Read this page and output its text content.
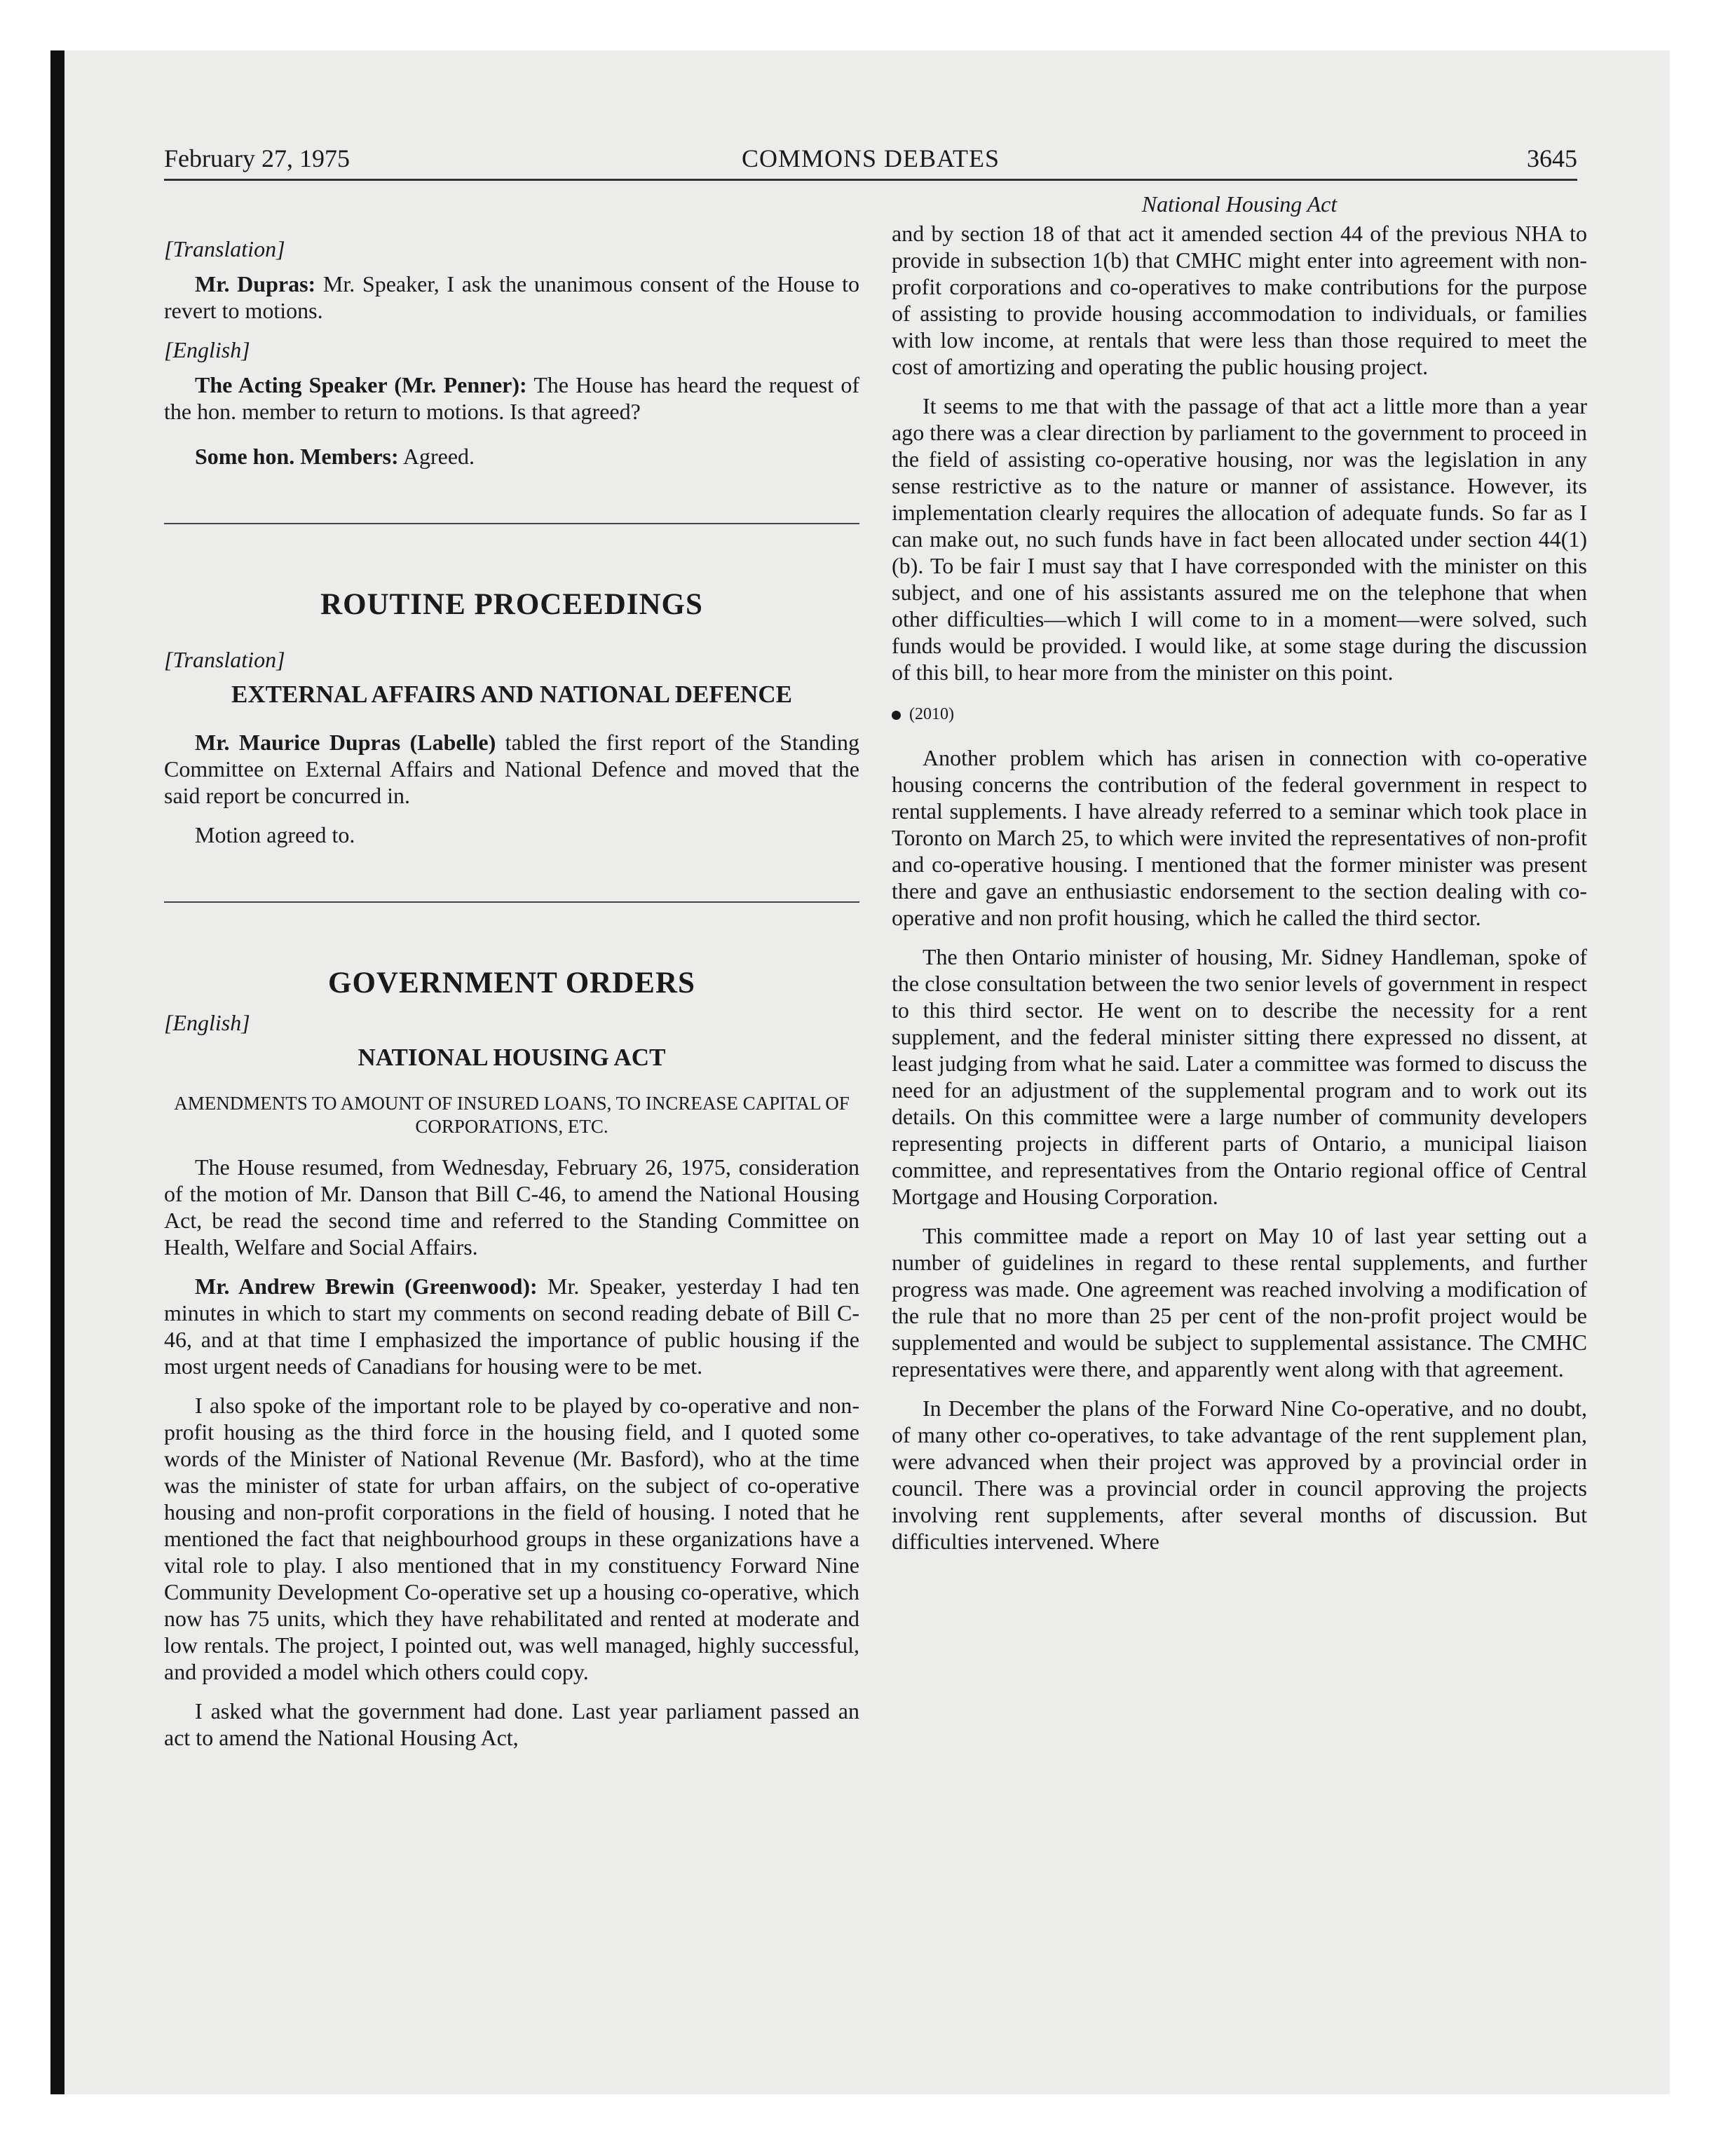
February 27, 1975	COMMONS DEBATES	3645

[Translation]

Mr. Dupras: Mr. Speaker, I ask the unanimous consent of the House to revert to motions.

[English]

The Acting Speaker (Mr. Penner): The House has heard the request of the hon. member to return to motions. Is that agreed?

Some hon. Members: Agreed.

ROUTINE PROCEEDINGS

[Translation]

EXTERNAL AFFAIRS AND NATIONAL DEFENCE

Mr. Maurice Dupras (Labelle) tabled the first report of the Standing Committee on External Affairs and National Defence and moved that the said report be concurred in.

Motion agreed to.

GOVERNMENT ORDERS

[English]

NATIONAL HOUSING ACT

AMENDMENTS TO AMOUNT OF INSURED LOANS, TO INCREASE CAPITAL OF CORPORATIONS, ETC.

The House resumed, from Wednesday, February 26, 1975, consideration of the motion of Mr. Danson that Bill C-46, to amend the National Housing Act, be read the second time and referred to the Standing Committee on Health, Welfare and Social Affairs.

Mr. Andrew Brewin (Greenwood): Mr. Speaker, yesterday I had ten minutes in which to start my comments on second reading debate of Bill C-46, and at that time I emphasized the importance of public housing if the most urgent needs of Canadians for housing were to be met.

I also spoke of the important role to be played by co-operative and non-profit housing as the third force in the housing field, and I quoted some words of the Minister of National Revenue (Mr. Basford), who at the time was the minister of state for urban affairs, on the subject of co-operative housing and non-profit corporations in the field of housing. I noted that he mentioned the fact that neighbourhood groups in these organizations have a vital role to play. I also mentioned that in my constituency Forward Nine Community Development Co-operative set up a housing co-operative, which now has 75 units, which they have rehabilitated and rented at moderate and low rentals. The project, I pointed out, was well managed, highly successful, and provided a model which others could copy.

I asked what the government had done. Last year parliament passed an act to amend the National Housing Act,

National Housing Act

and by section 18 of that act it amended section 44 of the previous NHA to provide in subsection 1(b) that CMHC might enter into agreement with non-profit corporations and co-operatives to make contributions for the purpose of assisting to provide housing accommodation to individuals, or families with low income, at rentals that were less than those required to meet the cost of amortizing and operating the public housing project.

It seems to me that with the passage of that act a little more than a year ago there was a clear direction by parliament to the government to proceed in the field of assisting co-operative housing, nor was the legislation in any sense restrictive as to the nature or manner of assistance. However, its implementation clearly requires the allocation of adequate funds. So far as I can make out, no such funds have in fact been allocated under section 44(1)(b). To be fair I must say that I have corresponded with the minister on this subject, and one of his assistants assured me on the telephone that when other difficulties—which I will come to in a moment—were solved, such funds would be provided. I would like, at some stage during the discussion of this bill, to hear more from the minister on this point.

(2010)

Another problem which has arisen in connection with co-operative housing concerns the contribution of the federal government in respect to rental supplements. I have already referred to a seminar which took place in Toronto on March 25, to which were invited the representatives of non-profit and co-operative housing. I mentioned that the former minister was present there and gave an enthusiastic endorsement to the section dealing with co-operative and non profit housing, which he called the third sector.

The then Ontario minister of housing, Mr. Sidney Handleman, spoke of the close consultation between the two senior levels of government in respect to this third sector. He went on to describe the necessity for a rent supplement, and the federal minister sitting there expressed no dissent, at least judging from what he said. Later a committee was formed to discuss the need for an adjustment of the supplemental program and to work out its details. On this committee were a large number of community developers representing projects in different parts of Ontario, a municipal liaison committee, and representatives from the Ontario regional office of Central Mortgage and Housing Corporation.

This committee made a report on May 10 of last year setting out a number of guidelines in regard to these rental supplements, and further progress was made. One agreement was reached involving a modification of the rule that no more than 25 per cent of the non-profit project would be supplemented and would be subject to supplemental assistance. The CMHC representatives were there, and apparently went along with that agreement.

In December the plans of the Forward Nine Co-operative, and no doubt, of many other co-operatives, to take advantage of the rent supplement plan, were advanced when their project was approved by a provincial order in council. There was a provincial order in council approving the projects involving rent supplements, after several months of discussion. But difficulties intervened. Where
